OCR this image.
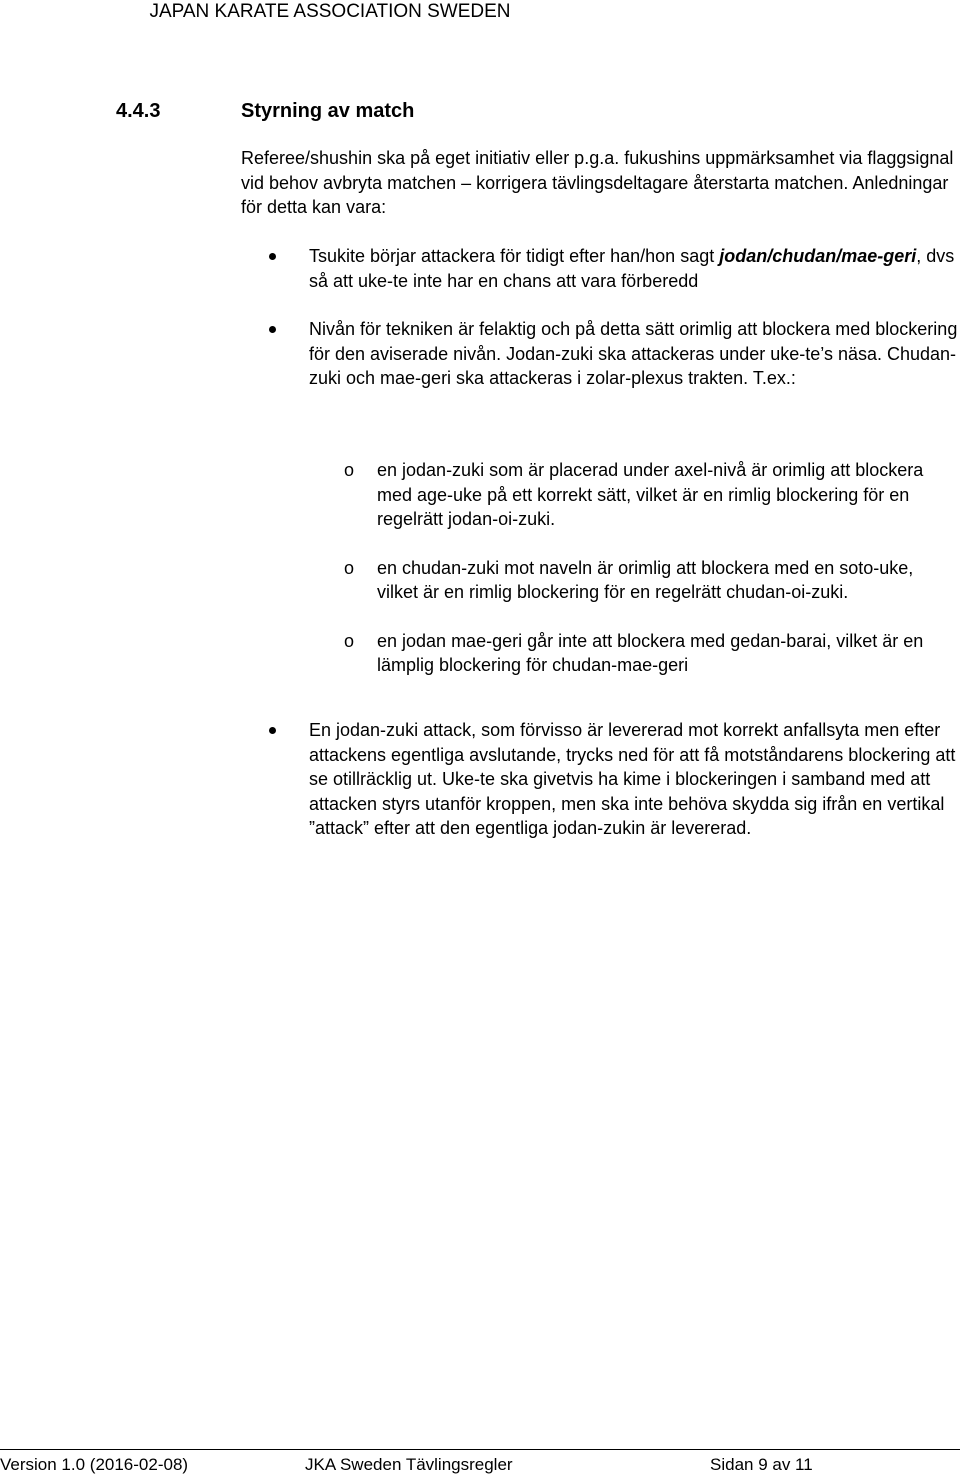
JAPAN KARATE ASSOCIATION SWEDEN
4.4.3	Styrning av match
Referee/shushin ska på eget initiativ eller p.g.a. fukushins uppmärksamhet via flaggsignal vid behov avbryta matchen – korrigera tävlingsdeltagare återstarta matchen. Anledningar för detta kan vara:
Tsukite börjar attackera för tidigt efter han/hon sagt jodan/chudan/mae-geri, dvs så att uke-te inte har en chans att vara förberedd
Nivån för tekniken är felaktig och på detta sätt orimlig att blockera med blockering för den aviserade nivån. Jodan-zuki ska attackeras under uke-te’s näsa. Chudan-zuki och mae-geri ska attackeras i zolar-plexus trakten. T.ex.:
o en jodan-zuki som är placerad under axel-nivå är orimlig att blockera med age-uke på ett korrekt sätt, vilket är en rimlig blockering för en regelrätt jodan-oi-zuki.
o en chudan-zuki mot naveln är orimlig att blockera med en soto-uke, vilket är en rimlig blockering för en regelrätt chudan-oi-zuki.
o en jodan mae-geri går inte att blockera med gedan-barai, vilket är en lämplig blockering för chudan-mae-geri
En jodan-zuki attack, som förvisso är levererad mot korrekt anfallsyta men efter attackens egentliga avslutande, trycks ned för att få motståndarens blockering att se otillräcklig ut. Uke-te ska givetvis ha kime i blockeringen i samband med att attacken styrs utanför kroppen, men ska inte behöva skydda sig ifrån en vertikal ”attack” efter att den egentliga jodan-zukin är levererad.
Version 1.0 (2016-02-08)	JKA Sweden Tävlingsregler	Sidan 9 av 11
